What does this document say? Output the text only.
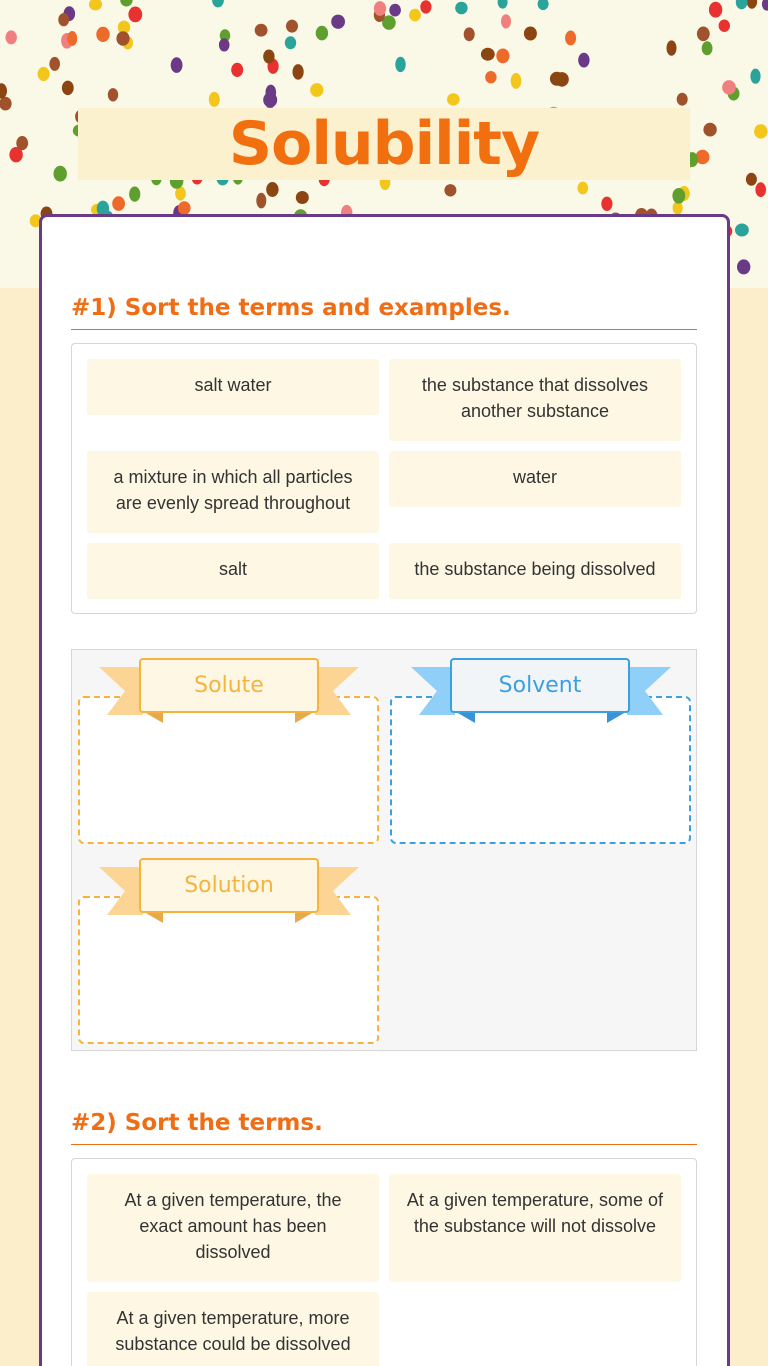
Solubility
#1) Sort the terms and examples.
salt water	the substance that dissolves another substance
a mixture in which all particles are evenly spread throughout
water
salt	the substance being dissolved
Solute	Solvent
Solution
#2) Sort the terms.
At a given temperature, the exact amount has been dissolved
At a given temperature, some of the substance will not dissolve
At a given temperature, more substance could be dissolved
